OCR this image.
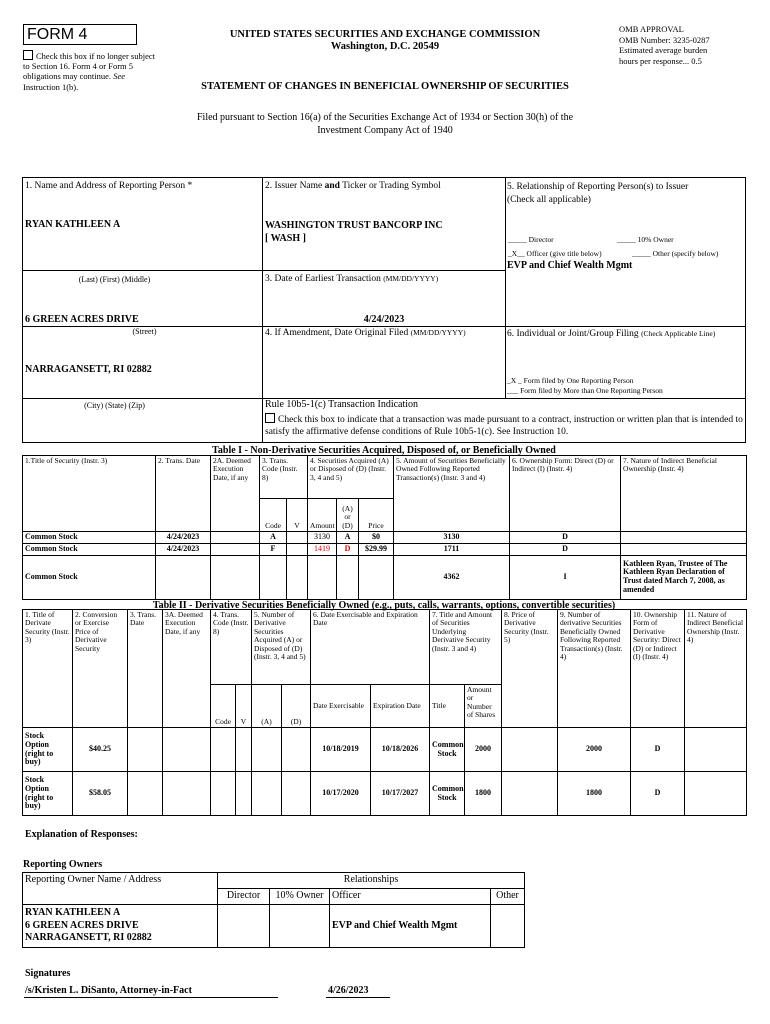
FORM 4
Check this box if no longer subject to Section 16. Form 4 or Form 5 obligations may continue. See Instruction 1(b).
UNITED STATES SECURITIES AND EXCHANGE COMMISSION
Washington, D.C. 20549
OMB APPROVAL
OMB Number: 3235-0287
Estimated average burden
hours per response... 0.5
STATEMENT OF CHANGES IN BENEFICIAL OWNERSHIP OF SECURITIES
Filed pursuant to Section 16(a) of the Securities Exchange Act of 1934 or Section 30(h) of the
Investment Company Act of 1940
1. Name and Address of Reporting Person *
RYAN KATHLEEN A
(Last) (First) (Middle)
6 GREEN ACRES DRIVE
(Street)
NARRAGANSETT, RI 02882
(City) (State) (Zip)
2. Issuer Name and Ticker or Trading Symbol
WASHINGTON TRUST BANCORP INC
[ WASH ]
3. Date of Earliest Transaction (MM/DD/YYYY)
4/24/2023
4. If Amendment, Date Original Filed (MM/DD/YYYY)
5. Relationship of Reporting Person(s) to Issuer
(Check all applicable)
_____ Director	_____ 10% Owner
_X__ Officer (give title below)	_____ Other (specify below)
EVP and Chief Wealth Mgmt
6. Individual or Joint/Group Filing (Check Applicable Line)
_X _ Form filed by One Reporting Person
___ Form filed by More than One Reporting Person
Rule 10b5-1(c) Transaction Indication
Check this box to indicate that a transaction was made pursuant to a contract, instruction or written plan that is intended to satisfy the affirmative defense conditions of Rule 10b5-1(c). See Instruction 10.
Table I - Non-Derivative Securities Acquired, Disposed of, or Beneficially Owned
1.Title of Security (Instr. 3)	2. Trans. Date	2A. Deemed Execution Date, if any	3. Trans. Code (Instr. 8)		4. Securities Acquired (A) or Disposed of (D) (Instr. 3, 4 and 5)			5. Amount of Securities Beneficially Owned Following Reported Transaction(s) (Instr. 3 and 4)	6. Ownership Form: Direct (D) or Indirect (I) (Instr. 4)	7. Nature of Indirect Beneficial Ownership (Instr. 4)
			Code	V	Amount	(A) or (D)	Price			
Common Stock	4/24/2023		A		3130	A	$0	3130	D	
Common Stock	4/24/2023		F		1419	D	$29.99	1711	D	
Common Stock								4362	I	Kathleen Ryan, Trustee of The Kathleen Ryan Declaration of Trust dated March 7, 2008, as amended
Table II - Derivative Securities Beneficially Owned (e.g., puts, calls, warrants, options, convertible securities)
1. Title of Derivate Security (Instr. 3)	2. Conversion or Exercise Price of Derivative Security	3. Trans. Date	3A. Deemed Execution Date, if any	4. Trans. Code (Instr. 8)		5. Number of Derivative Securities Acquired (A) or Disposed of (D) (Instr. 3, 4 and 5)		6. Date Exercisable and Expiration Date		7. Title and Amount of Securities Underlying Derivative Security (Instr. 3 and 4)		8. Price of Derivative Security (Instr. 5)	9. Number of derivative Securities Beneficially Owned Following Reported Transaction(s) (Instr. 4)	10. Ownership Form of Derivative Security: Direct (D) or Indirect (I) (Instr. 4)	11. Nature of Indirect Beneficial Ownership (Instr. 4)
				Code	V	(A)	(D)	Date Exercisable	Expiration Date	Title	Amount or Number of Shares				
Stock Option (right to buy)	$40.25							10/18/2019	10/18/2026	Common Stock	2000		2000	D	
Stock Option (right to buy)	$58.05							10/17/2020	10/17/2027	Common Stock	1800		1800	D	
Explanation of Responses:
Reporting Owners
Reporting Owner Name / Address	Relationships			
	Director	10% Owner	Officer	Other

RYAN KATHLEEN A
6 GREEN ACRES DRIVE
NARRAGANSETT, RI 02882			EVP and Chief Wealth Mgmt	
Signatures
/s/Kristen L. DiSanto, Attorney-in-Fact	4/26/2023
